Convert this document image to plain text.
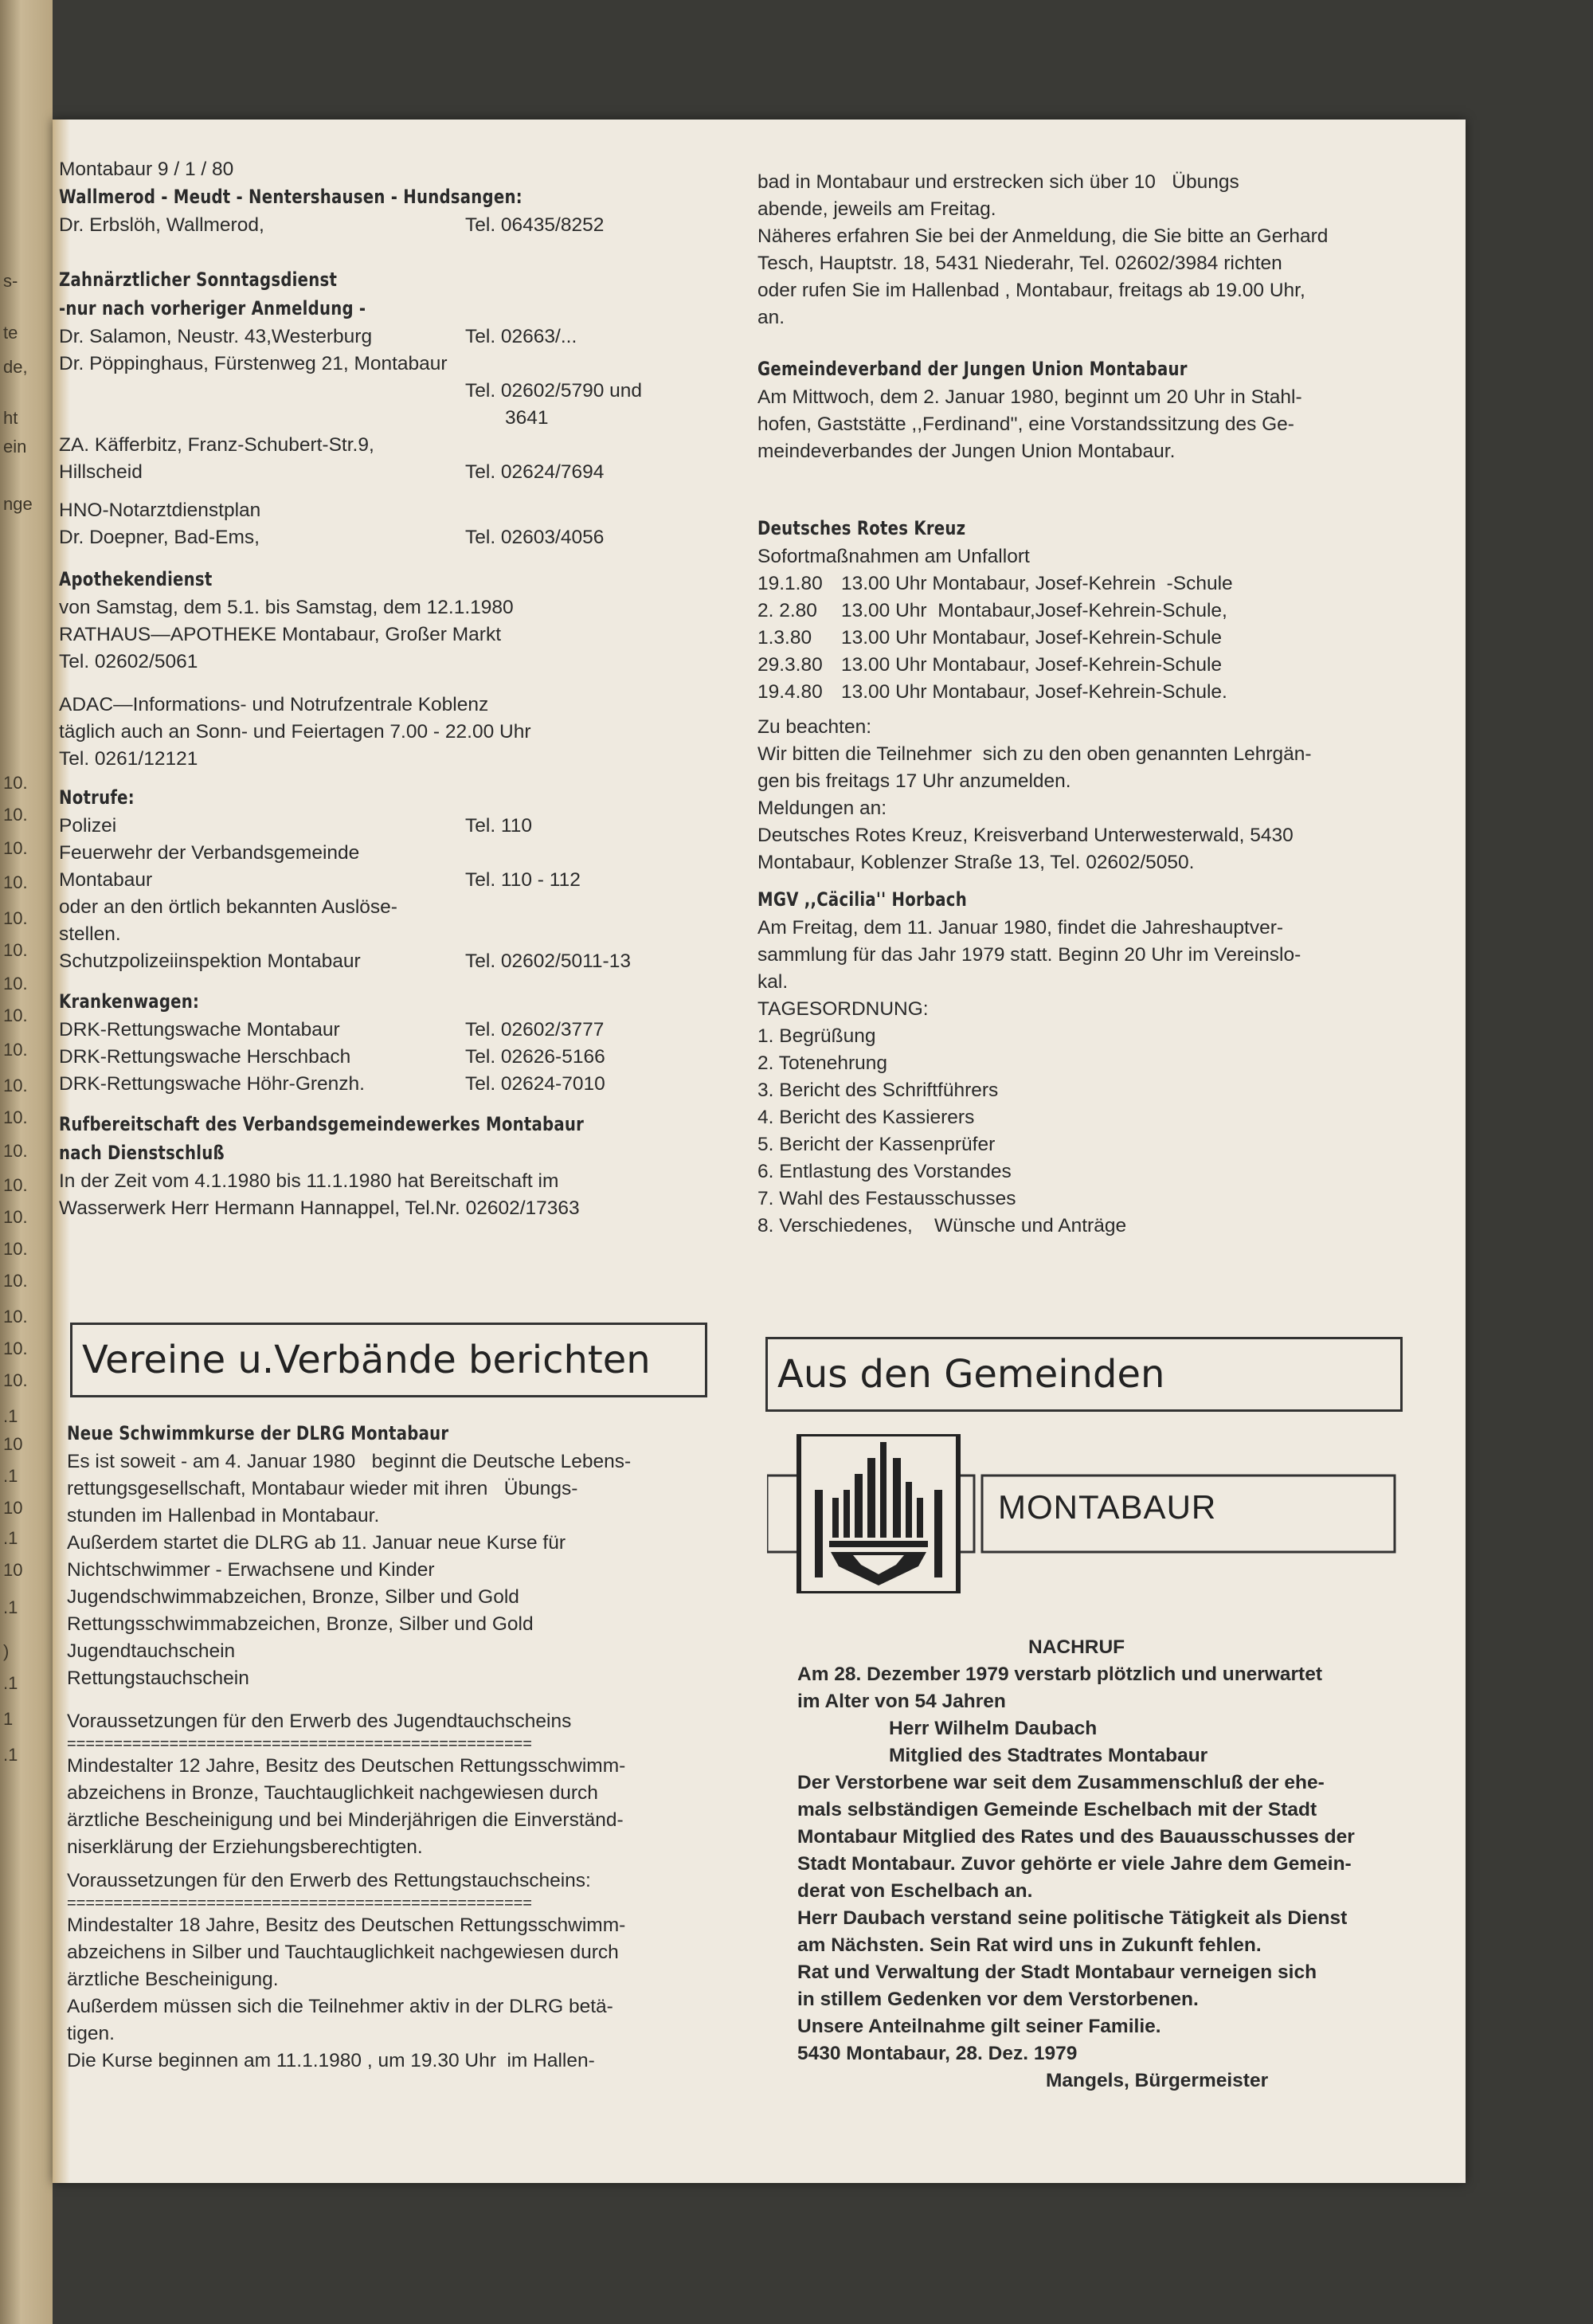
s-
te
de,
ht
ein
nge
10.
10.
10.
10.
10.
10.
10.
10.
10.
10.
10.
10.
10.
10.
10.
10.
10.
10.
10.
.1
10
.1
10
.1
10
.1
)
.1
1
.1
Montabaur 9 / 1 / 80
Wallmerod - Meudt - Nentershausen - Hundsangen:
Dr. Erbslöh, Wallmerod,	Tel. 06435/8252
Zahnärztlicher Sonntagsdienst
-nur nach vorheriger Anmeldung -
Dr. Salamon, Neustr. 43,Westerburg	Tel. 02663/...
Dr. Pöppinghaus, Fürstenweg 21, Montabaur
Tel. 02602/5790 und
3641
ZA. Käfferbitz, Franz-Schubert-Str.9,
Hillscheid	Tel. 02624/7694
HNO-Notarztdienstplan
Dr. Doepner, Bad-Ems,	Tel. 02603/4056
Apothekendienst
von Samstag, dem 5.1. bis Samstag, dem 12.1.1980
RATHAUS—APOTHEKE Montabaur, Großer Markt
Tel. 02602/5061
ADAC—Informations- und Notrufzentrale Koblenz
täglich auch an Sonn- und Feiertagen 7.00 - 22.00 Uhr
Tel. 0261/12121
Notrufe:
Polizei	Tel. 110
Feuerwehr der Verbandsgemeinde
Montabaur	Tel. 110 - 112
oder an den örtlich bekannten Auslöse-
stellen.
Schutzpolizeiinspektion Montabaur	Tel. 02602/5011-13
Krankenwagen:
DRK-Rettungswache Montabaur	Tel. 02602/3777
DRK-Rettungswache Herschbach	Tel. 02626-5166
DRK-Rettungswache Höhr-Grenzh.	Tel. 02624-7010
Rufbereitschaft des Verbandsgemeindewerkes Montabaur
nach Dienstschluß
In der Zeit vom 4.1.1980 bis 11.1.1980 hat Bereitschaft im
Wasserwerk Herr Hermann Hannappel, Tel.Nr. 02602/17363
Vereine u.Verbände berichten
Neue Schwimmkurse der DLRG Montabaur
Es ist soweit - am 4. Januar 1980   beginnt die Deutsche Lebens-
rettungsgesellschaft, Montabaur wieder mit ihren   Übungs-
stunden im Hallenbad in Montabaur.
Außerdem startet die DLRG ab 11. Januar neue Kurse für
Nichtschwimmer - Erwachsene und Kinder
Jugendschwimmabzeichen, Bronze, Silber und Gold
Rettungsschwimmabzeichen, Bronze, Silber und Gold
Jugendtauchschein
Rettungstauchschein
Voraussetzungen für den Erwerb des Jugendtauchscheins
==================================================
Mindestalter 12 Jahre, Besitz des Deutschen Rettungsschwimm-
abzeichens in Bronze, Tauchtauglichkeit nachgewiesen durch
ärztliche Bescheinigung und bei Minderjährigen die Einverständ-
niserklärung der Erziehungsberechtigten.
Voraussetzungen für den Erwerb des Rettungstauchscheins:
==================================================
Mindestalter 18 Jahre, Besitz des Deutschen Rettungsschwimm-
abzeichens in Silber und Tauchtauglichkeit nachgewiesen durch
ärztliche Bescheinigung.
Außerdem müssen sich die Teilnehmer aktiv in der DLRG betä-
tigen.
Die Kurse beginnen am 11.1.1980 , um 19.30 Uhr  im Hallen-
bad in Montabaur und erstrecken sich über 10   Übungs
abende, jeweils am Freitag.
Näheres erfahren Sie bei der Anmeldung, die Sie bitte an Gerhard
Tesch, Hauptstr. 18, 5431 Niederahr, Tel. 02602/3984 richten
oder rufen Sie im Hallenbad , Montabaur, freitags ab 19.00 Uhr,
an.
Gemeindeverband der Jungen Union Montabaur
Am Mittwoch, dem 2. Januar 1980, beginnt um 20 Uhr in Stahl-
hofen, Gaststätte ,,Ferdinand'', eine Vorstandssitzung des Ge-
meindeverbandes der Jungen Union Montabaur.
Deutsches Rotes Kreuz
Sofortmaßnahmen am Unfallort
19.1.80 13.00 Uhr Montabaur, Josef-Kehrein  -Schule
2. 2.80 13.00 Uhr  Montabaur,Josef-Kehrein-Schule,
1.3.80 13.00 Uhr Montabaur, Josef-Kehrein-Schule
29.3.80 13.00 Uhr Montabaur, Josef-Kehrein-Schule
19.4.80 13.00 Uhr Montabaur, Josef-Kehrein-Schule.
Zu beachten:
Wir bitten die Teilnehmer  sich zu den oben genannten Lehrgän-
gen bis freitags 17 Uhr anzumelden.
Meldungen an:
Deutsches Rotes Kreuz, Kreisverband Unterwesterwald, 5430
Montabaur, Koblenzer Straße 13, Tel. 02602/5050.
MGV ,,Cäcilia'' Horbach
Am Freitag, dem 11. Januar 1980, findet die Jahreshauptver-
sammlung für das Jahr 1979 statt. Beginn 20 Uhr im Vereinslo-
kal.
TAGESORDNUNG:
1. Begrüßung
2. Totenehrung
3. Bericht des Schriftführers
4. Bericht des Kassierers
5. Bericht der Kassenprüfer
6. Entlastung des Vorstandes
7. Wahl des Festausschusses
8. Verschiedenes,    Wünsche und Anträge
Aus den Gemeinden
MONTABAUR
NACHRUF
Am 28. Dezember 1979 verstarb plötzlich und unerwartet
im Alter von 54 Jahren
Herr Wilhelm Daubach
Mitglied des Stadtrates Montabaur
Der Verstorbene war seit dem Zusammenschluß der ehe-
mals selbständigen Gemeinde Eschelbach mit der Stadt
Montabaur Mitglied des Rates und des Bauausschusses der
Stadt Montabaur. Zuvor gehörte er viele Jahre dem Gemein-
derat von Eschelbach an.
Herr Daubach verstand seine politische Tätigkeit als Dienst
am Nächsten. Sein Rat wird uns in Zukunft fehlen.
Rat und Verwaltung der Stadt Montabaur verneigen sich
in stillem Gedenken vor dem Verstorbenen.
Unsere Anteilnahme gilt seiner Familie.
5430 Montabaur, 28. Dez. 1979
Mangels, Bürgermeister
